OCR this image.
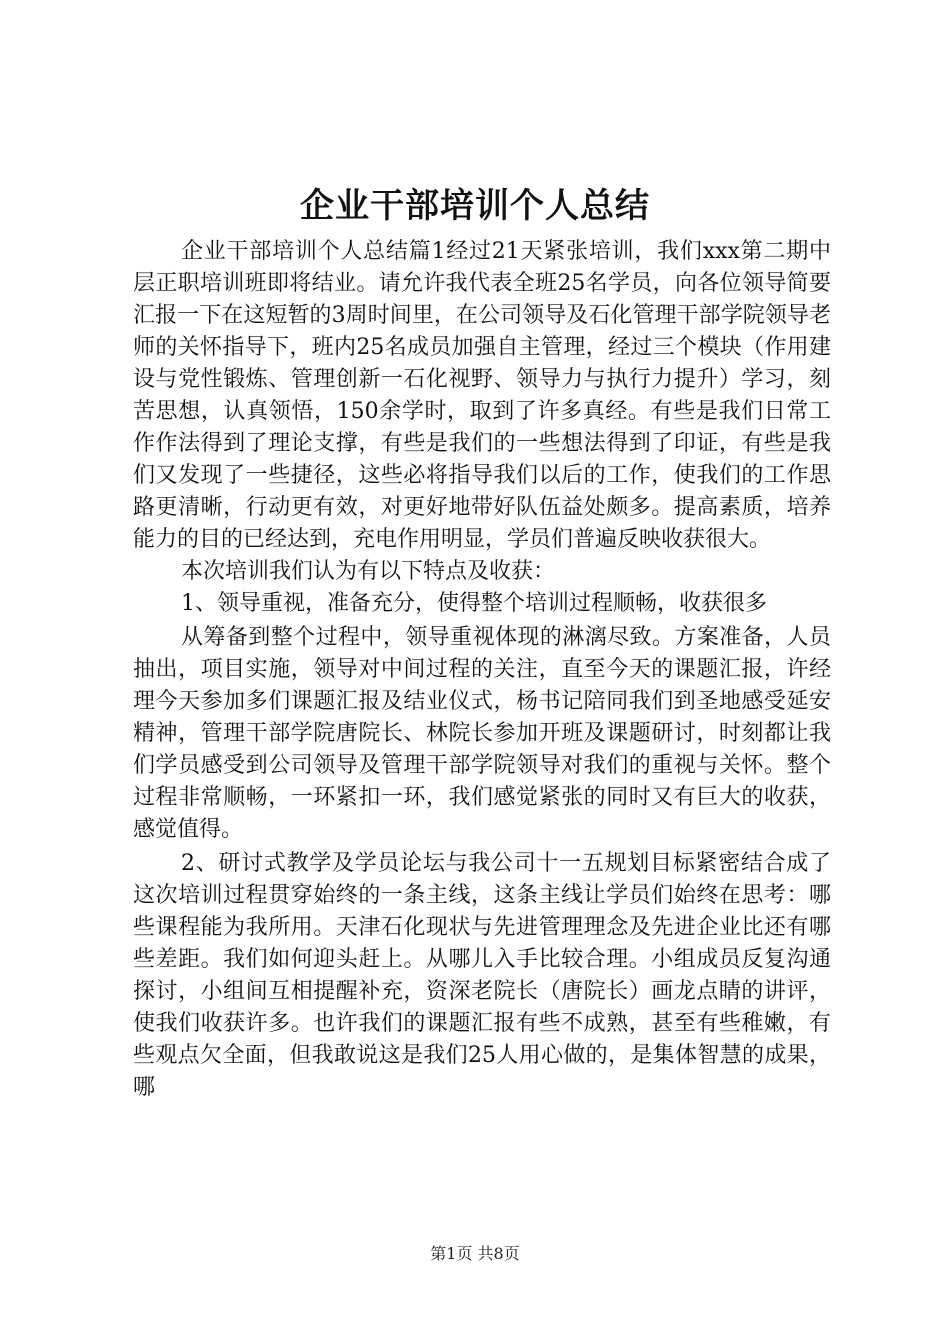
企业干部培训个人总结

企业干部培训个人总结篇1经过21天紧张培训，我们xxx第二期中层正职培训班即将结业。请允许我代表全班25名学员，向各位领导简要汇报一下在这短暂的3周时间里，在公司领导及石化管理干部学院领导老师的关怀指导下，班内25名成员加强自主管理，经过三个模块（作用建设与党性锻炼、管理创新一石化视野、领导力与执行力提升）学习，刻苦思想，认真领悟，150余学时，取到了许多真经。有些是我们日常工作作法得到了理论支撑，有些是我们的一些想法得到了印证，有些是我们又发现了一些捷径，这些必将指导我们以后的工作，使我们的工作思路更清晰，行动更有效，对更好地带好队伍益处颇多。提高素质，培养能力的目的已经达到，充电作用明显，学员们普遍反映收获很大。

本次培训我们认为有以下特点及收获：

1、领导重视，准备充分，使得整个培训过程顺畅，收获很多

从筹备到整个过程中，领导重视体现的淋漓尽致。方案准备，人员抽出，项目实施，领导对中间过程的关注，直至今天的课题汇报，许经理今天参加多们课题汇报及结业仪式，杨书记陪同我们到圣地感受延安精神，管理干部学院唐院长、林院长参加开班及课题研讨，时刻都让我们学员感受到公司领导及管理干部学院领导对我们的重视与关怀。整个过程非常顺畅，一环紧扣一环，我们感觉紧张的同时又有巨大的收获，感觉值得。

2、研讨式教学及学员论坛与我公司十一五规划目标紧密结合成了这次培训过程贯穿始终的一条主线，这条主线让学员们始终在思考：哪些课程能为我所用。天津石化现状与先进管理理念及先进企业比还有哪些差距。我们如何迎头赶上。从哪儿入手比较合理。小组成员反复沟通探讨，小组间互相提醒补充，资深老院长（唐院长）画龙点睛的讲评，使我们收获许多。也许我们的课题汇报有些不成熟，甚至有些稚嫩，有些观点欠全面，但我敢说这是我们25人用心做的，是集体智慧的成果，哪

第1页 共8页
